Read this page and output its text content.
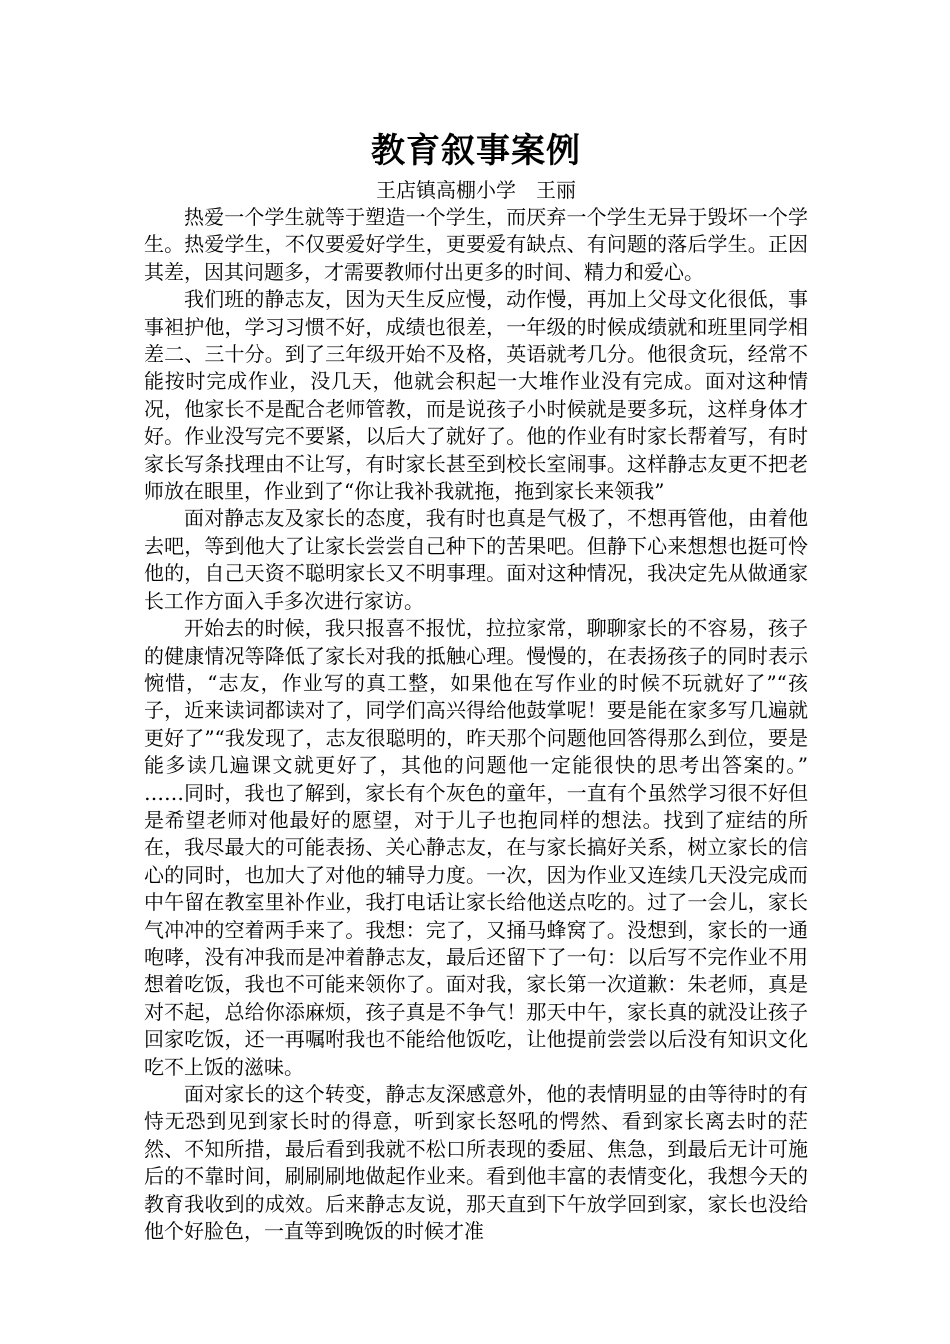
教育叙事案例

王店镇高棚小学　王丽

热爱一个学生就等于塑造一个学生，而厌弃一个学生无异于毁坏一个学生。热爱学生，不仅要爱好学生，更要爱有缺点、有问题的落后学生。正因其差，因其问题多，才需要教师付出更多的时间、精力和爱心。

我们班的静志友，因为天生反应慢，动作慢，再加上父母文化很低，事事袒护他，学习习惯不好，成绩也很差，一年级的时候成绩就和班里同学相差二、三十分。到了三年级开始不及格，英语就考几分。他很贪玩，经常不能按时完成作业，没几天，他就会积起一大堆作业没有完成。面对这种情况，他家长不是配合老师管教，而是说孩子小时候就是要多玩，这样身体才好。作业没写完不要紧，以后大了就好了。他的作业有时家长帮着写，有时家长写条找理由不让写，有时家长甚至到校长室闹事。这样静志友更不把老师放在眼里，作业到了“你让我补我就拖，拖到家长来领我”

面对静志友及家长的态度，我有时也真是气极了，不想再管他，由着他去吧，等到他大了让家长尝尝自己种下的苦果吧。但静下心来想想也挺可怜他的，自己天资不聪明家长又不明事理。面对这种情况，我决定先从做通家长工作方面入手多次进行家访。

开始去的时候，我只报喜不报忧，拉拉家常，聊聊家长的不容易，孩子的健康情况等降低了家长对我的抵触心理。慢慢的，在表扬孩子的同时表示惋惜，“志友，作业写的真工整，如果他在写作业的时候不玩就好了”“孩子，近来读词都读对了，同学们高兴得给他鼓掌呢！要是能在家多写几遍就更好了”“我发现了，志友很聪明的，昨天那个问题他回答得那么到位，要是能多读几遍课文就更好了，其他的问题他一定能很快的思考出答案的。” ……同时，我也了解到，家长有个灰色的童年，一直有个虽然学习很不好但是希望老师对他最好的愿望，对于儿子也抱同样的想法。找到了症结的所在，我尽最大的可能表扬、关心静志友，在与家长搞好关系，树立家长的信心的同时，也加大了对他的辅导力度。一次，因为作业又连续几天没完成而中午留在教室里补作业，我打电话让家长给他送点吃的。过了一会儿，家长气冲冲的空着两手来了。我想：完了，又捅马蜂窝了。没想到，家长的一通咆哮，没有冲我而是冲着静志友，最后还留下了一句：以后写不完作业不用想着吃饭，我也不可能来领你了。面对我，家长第一次道歉：朱老师，真是对不起，总给你添麻烦，孩子真是不争气！那天中午，家长真的就没让孩子回家吃饭，还一再嘱咐我也不能给他饭吃，让他提前尝尝以后没有知识文化吃不上饭的滋味。

面对家长的这个转变，静志友深感意外，他的表情明显的由等待时的有恃无恐到见到家长时的得意，听到家长怒吼的愕然、看到家长离去时的茫然、不知所措，最后看到我就不松口所表现的委屈、焦急，到最后无计可施后的不靠时间，刷刷刷地做起作业来。看到他丰富的表情变化，我想今天的教育我收到的成效。后来静志友说，那天直到下午放学回到家，家长也没给他个好脸色，一直等到晚饭的时候才准
